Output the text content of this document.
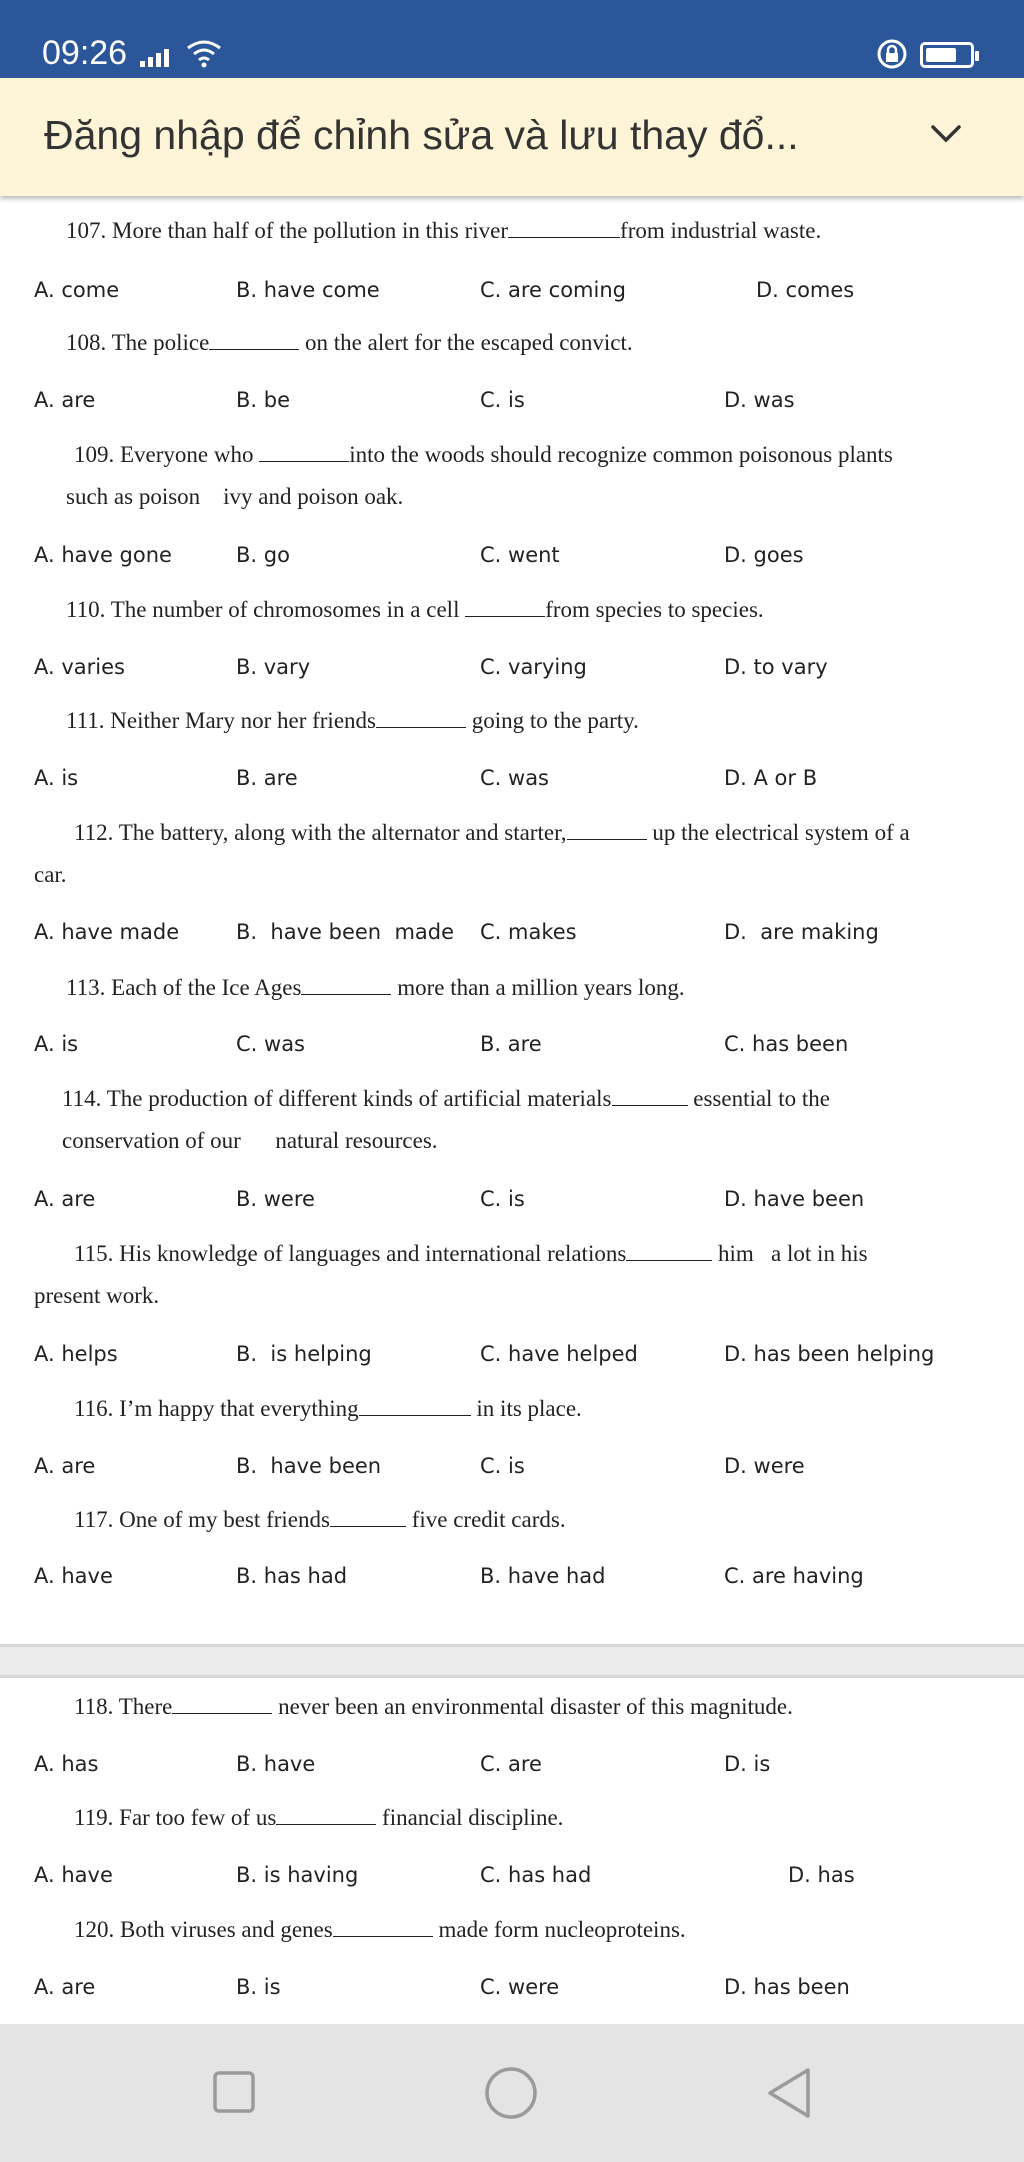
09:26
Đăng nhập để chỉnh sửa và lưu thay đổ...
107. More than half of the pollution in this river	from industrial waste.
A. come	B. have come	C. are coming	D. comes
108. The police	on the alert for the escaped convict.
A. are	B. be	C. is	D. was
109. Everyone who	into the woods should recognize common poisonous plants
such as poison    ivy and poison oak.
A. have gone	B. go	C. went	D. goes
110. The number of chromosomes in a cell	from species to species.
A. varies	B. vary	C. varying	D. to vary
111. Neither Mary nor her friends	going to the party.
A. is	B. are	C. was	D. A or B
112. The battery, along with the alternator and starter,	up the electrical system of a
car.
A. have made	B.  have been  made C. makes	D.  are making
113. Each of the Ice Ages	more than a million years long.
A. is	C. was	B. are	C. has been
114. The production of different kinds of artificial materials	essential to the
conservation of our      natural resources.
A. are	B. were	C. is	D. have been
115. His knowledge of languages and international relations	him   a lot in his
present work.
A. helps	B.  is helping	C. have helped	D. has been helping
116. I’m happy that everything	in its place.
A. are	B.  have been	C. is	D. were
117. One of my best friends	five credit cards.
A. have	B. has had	B. have had	C. are having
118. There	never been an environmental disaster of this magnitude.
A. has	B. have	C. are	D. is
119. Far too few of us	financial discipline.
A. have	B. is having	C. has had	D. has
120. Both viruses and genes	made form nucleoproteins.
A. are	B. is	C. were	D. has been
